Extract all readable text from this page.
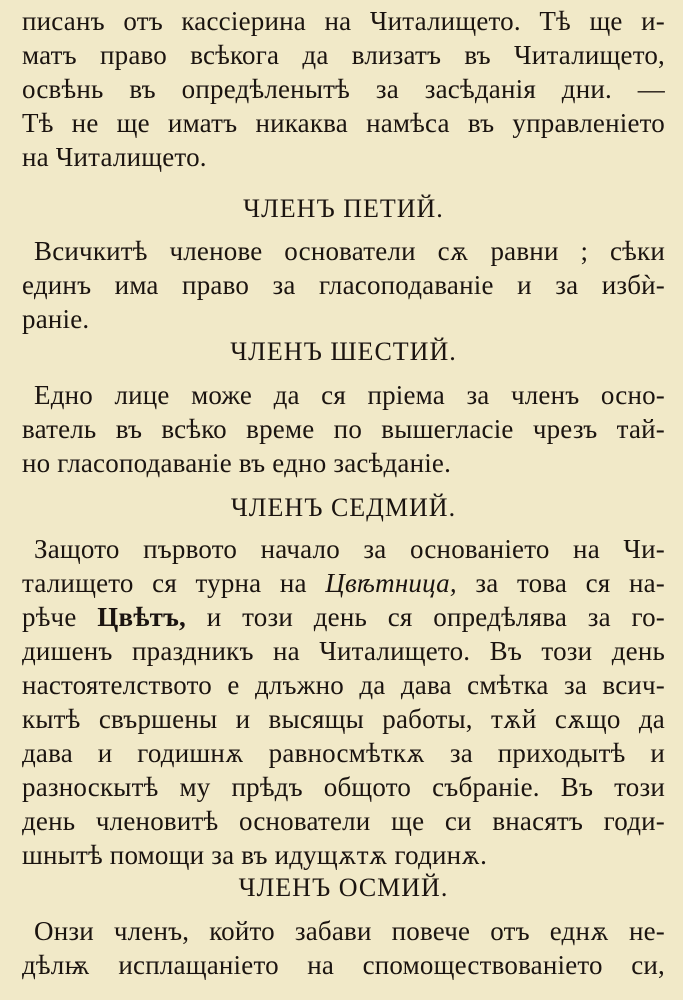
писанъ отъ кассіерина на Читалището. Тѣ ще и-
матъ право всѣкога да влизатъ въ Читалището,
освѣнь въ опредѣленытѣ за засѣданія дни. —
Тѣ не ще иматъ никаква намѣса въ управленіето
на Читалището.
ЧЛЕНЪ ПЕТИЙ.
Всичкитѣ членове основатели сѫ равни ; сѣки
единъ има право за гласоподаваніе и за избѝ-
раніе.
ЧЛЕНЪ ШЕСТИЙ.
Едно лице може да ся пріема за членъ осно-
ватель въ всѣко време по вышегласіе чрезъ тай-
но гласоподаваніе въ едно засѣданіе.
ЧЛЕНЪ СЕДМИЙ.
Защото първото начало за основаніето на Чи-
талището ся турна на Цвѣтница, за това ся на-
рѣче Цвѣтъ, и този день ся опредѣлява за го-
дишенъ праздникъ на Читалището. Въ този день
настоятелството е длъжно да дава смѣтка за всич-
кытѣ свършены и высящы работы, тѫй сѫщо да
дава и годишнѫ равносмѣткѫ за приходытѣ и
разноскытѣ му прѣдъ общото събраніе. Въ този
день членовитѣ основатели ще си внасятъ годи-
шнытѣ помощи за въ идущѫтѫ годинѫ.
ЧЛЕНЪ ОСМИЙ.
Онзи членъ, който забави повече отъ еднѫ не-
дѣлѭ исплащаніето на спомоществованіето си,
